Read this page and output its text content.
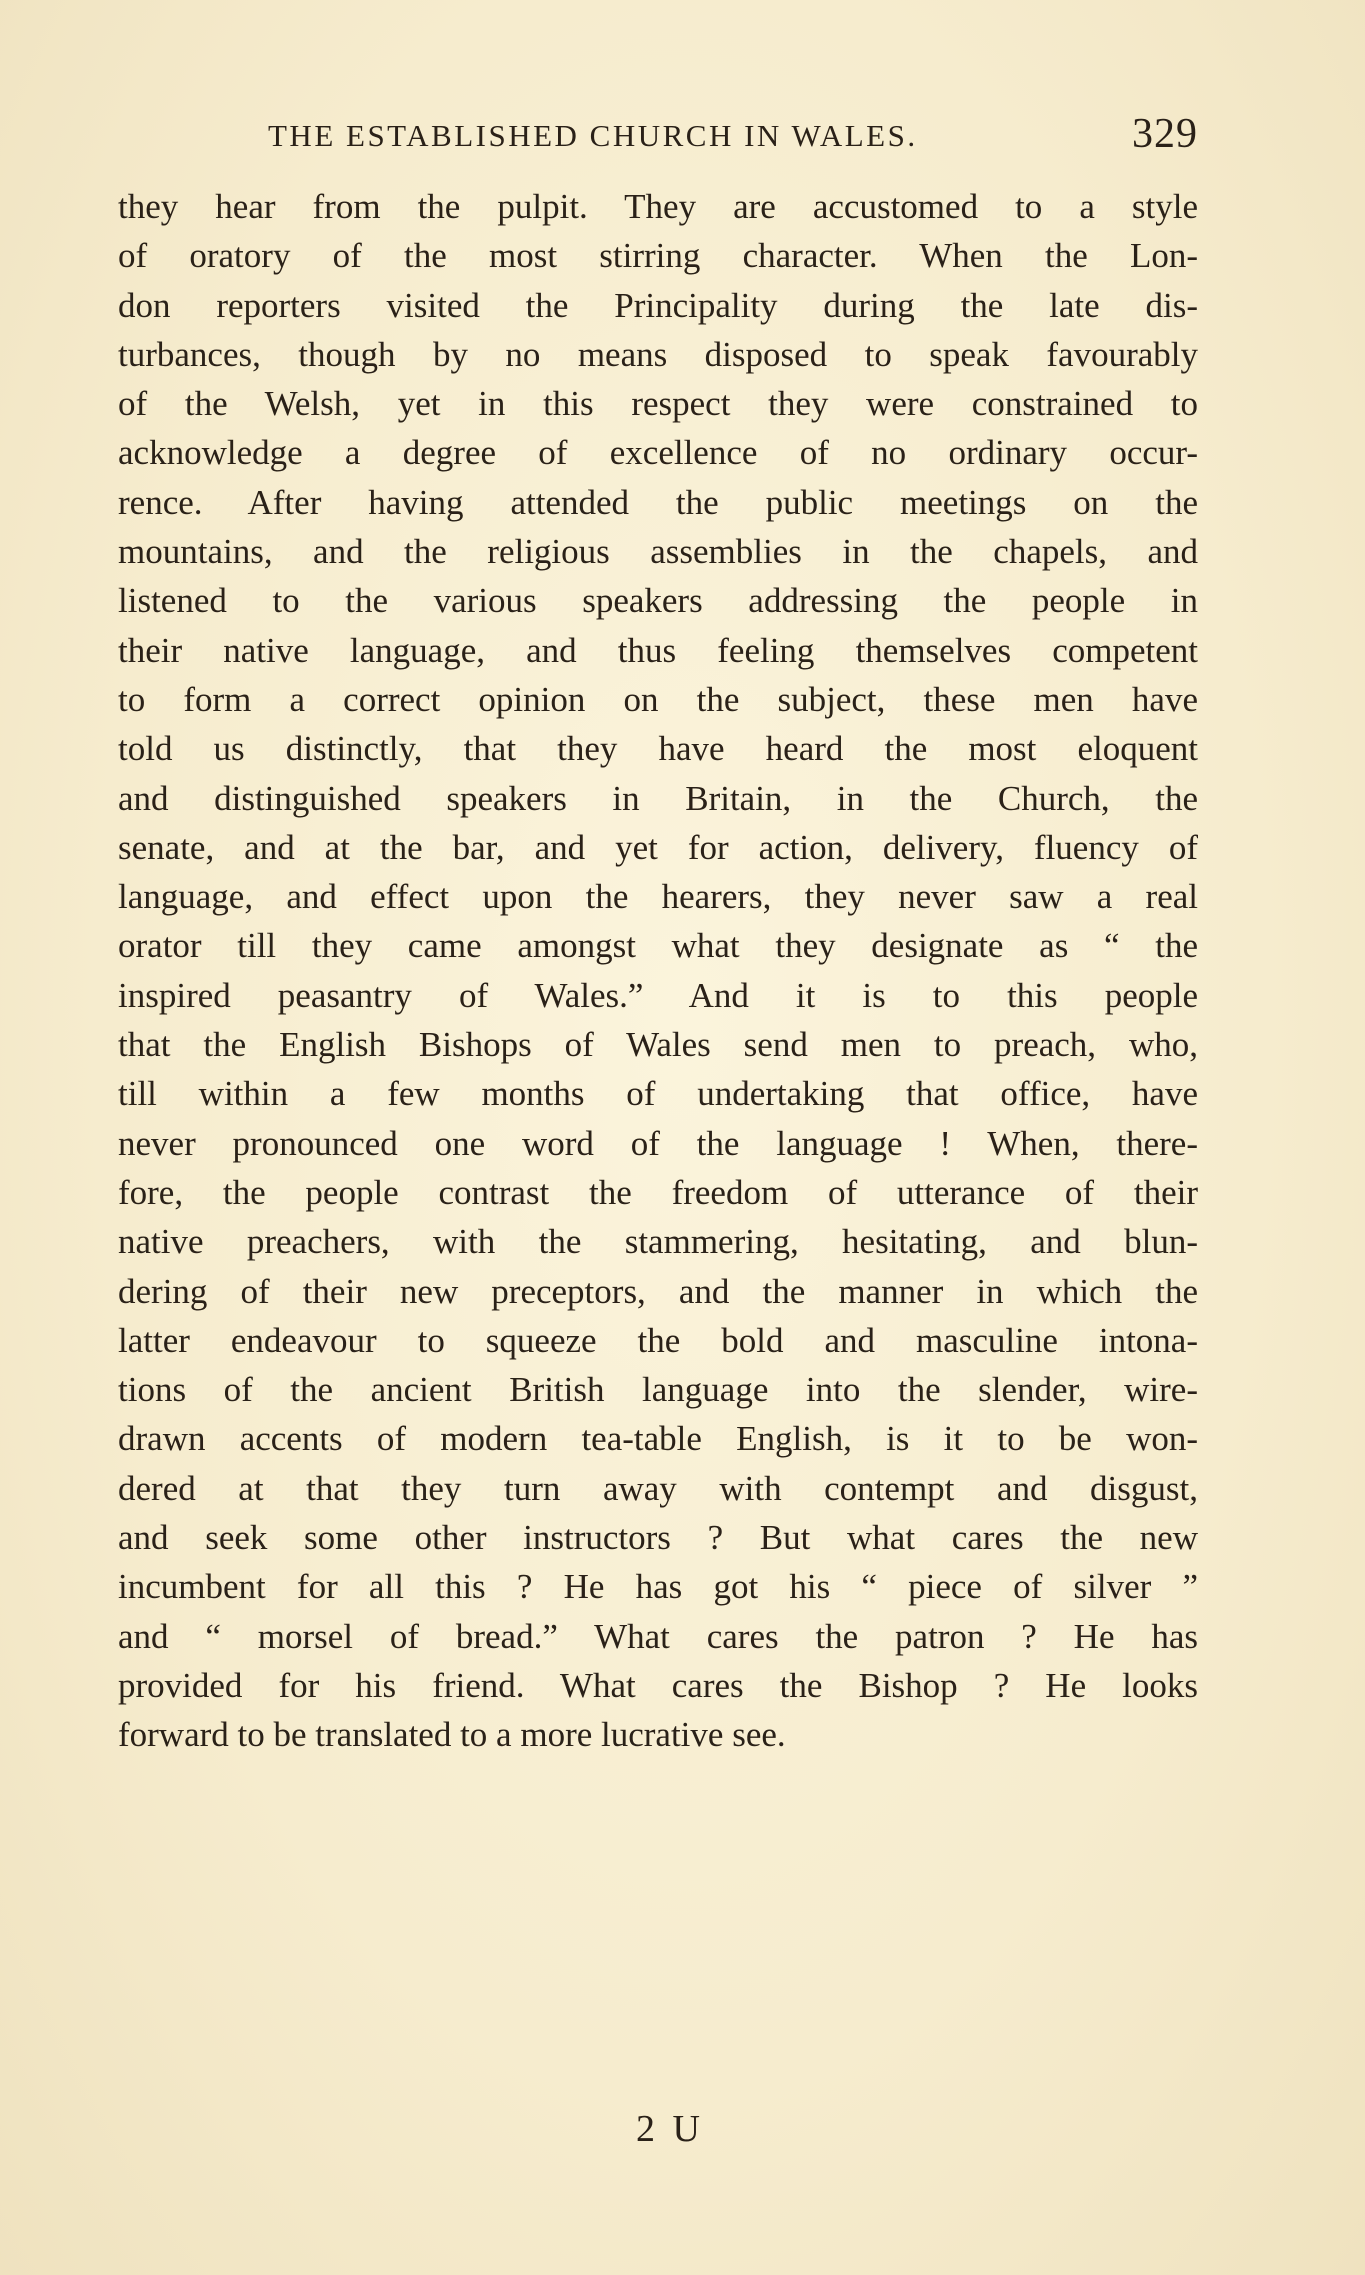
THE ESTABLISHED CHURCH IN WALES.	329
they hear from the pulpit. They are accustomed to a style
of oratory of the most stirring character. When the Lon-
don reporters visited the Principality during the late dis-
turbances, though by no means disposed to speak favourably
of the Welsh, yet in this respect they were constrained to
acknowledge a degree of excellence of no ordinary occur-
rence. After having attended the public meetings on the
mountains, and the religious assemblies in the chapels, and
listened to the various speakers addressing the people in
their native language, and thus feeling themselves competent
to form a correct opinion on the subject, these men have
told us distinctly, that they have heard the most eloquent
and distinguished speakers in Britain, in the Church, the
senate, and at the bar, and yet for action, delivery, fluency of
language, and effect upon the hearers, they never saw a real
orator till they came amongst what they designate as “ the
inspired peasantry of Wales.” And it is to this people
that the English Bishops of Wales send men to preach, who,
till within a few months of undertaking that office, have
never pronounced one word of the language ! When, there-
fore, the people contrast the freedom of utterance of their
native preachers, with the stammering, hesitating, and blun-
dering of their new preceptors, and the manner in which the
latter endeavour to squeeze the bold and masculine intona-
tions of the ancient British language into the slender, wire-
drawn accents of modern tea-table English, is it to be won-
dered at that they turn away with contempt and disgust,
and seek some other instructors ? But what cares the new
incumbent for all this ? He has got his “ piece of silver ”
and “ morsel of bread.” What cares the patron ? He has
provided for his friend. What cares the Bishop ? He looks
forward to be translated to a more lucrative see.
2 U
